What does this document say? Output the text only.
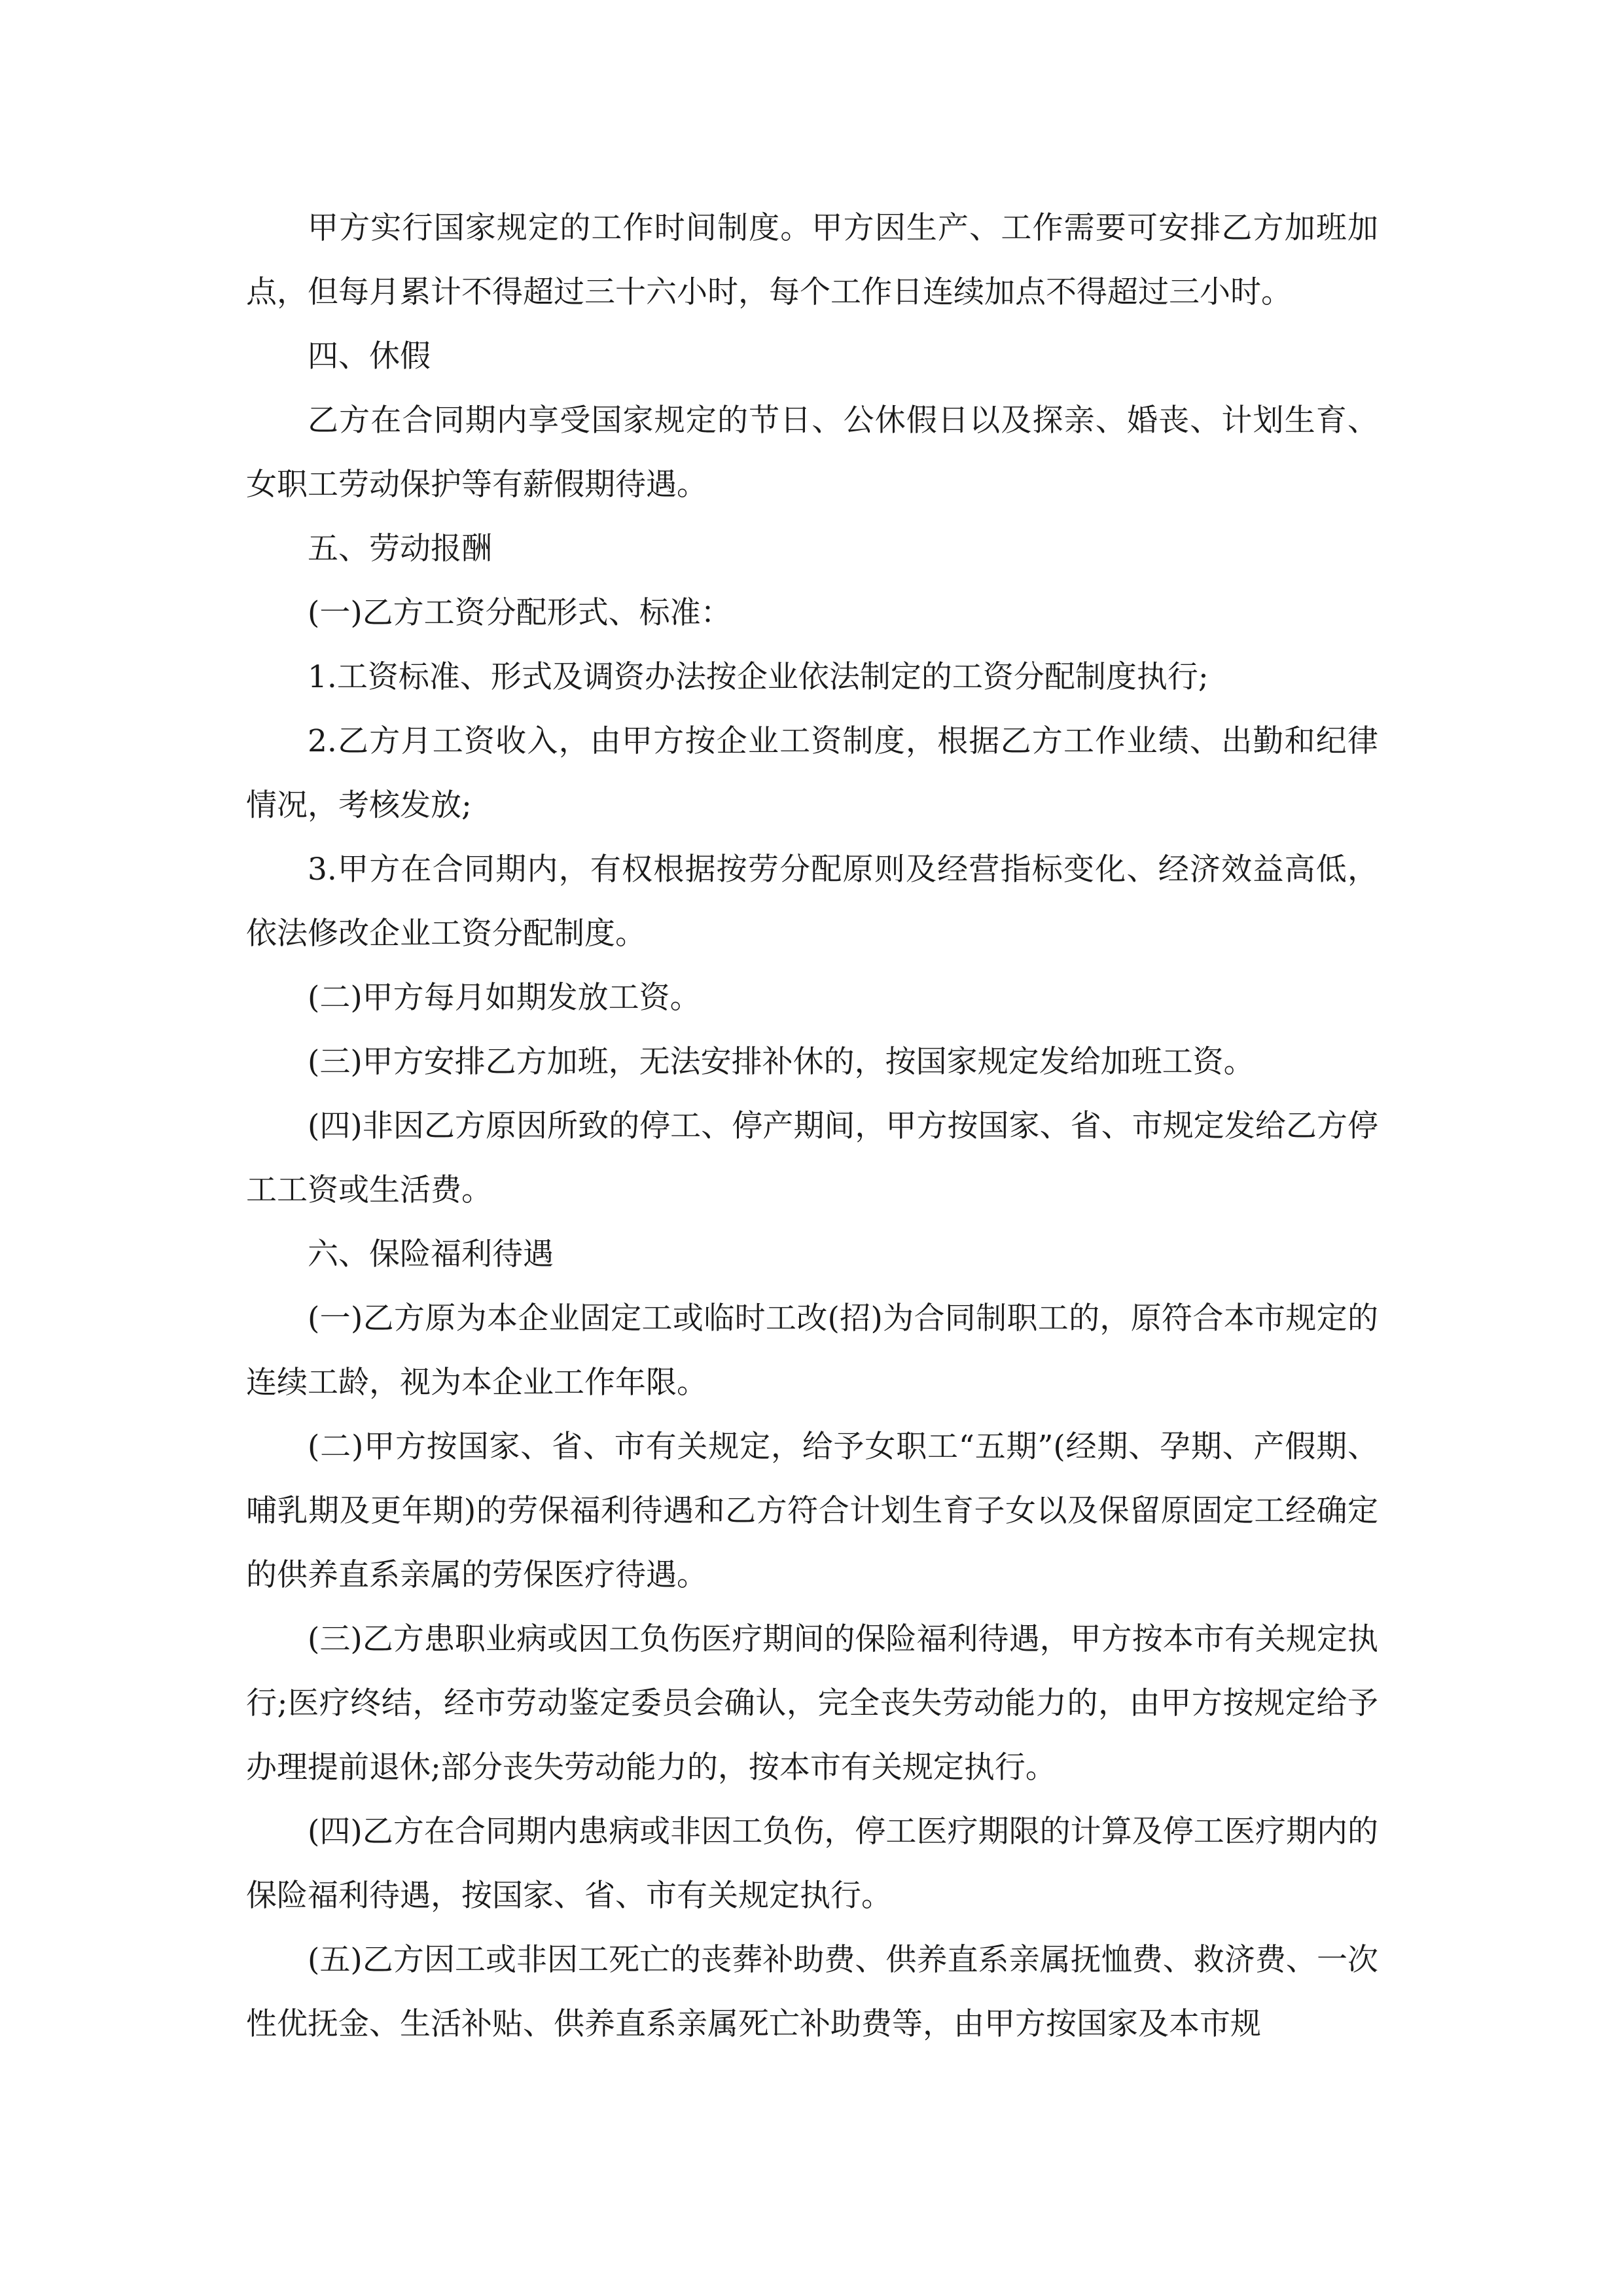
甲方实行国家规定的工作时间制度。甲方因生产、工作需要可安排乙方加班加点，但每月累计不得超过三十六小时，每个工作日连续加点不得超过三小时。

四、休假

乙方在合同期内享受国家规定的节日、公休假日以及探亲、婚丧、计划生育、女职工劳动保护等有薪假期待遇。

五、劳动报酬

(一)乙方工资分配形式、标准：

1.工资标准、形式及调资办法按企业依法制定的工资分配制度执行;

2.乙方月工资收入，由甲方按企业工资制度，根据乙方工作业绩、出勤和纪律情况，考核发放;

3.甲方在合同期内，有权根据按劳分配原则及经营指标变化、经济效益高低，依法修改企业工资分配制度。

(二)甲方每月如期发放工资。

(三)甲方安排乙方加班，无法安排补休的，按国家规定发给加班工资。

(四)非因乙方原因所致的停工、停产期间，甲方按国家、省、市规定发给乙方停工工资或生活费。

六、保险福利待遇

(一)乙方原为本企业固定工或临时工改(招)为合同制职工的，原符合本市规定的连续工龄，视为本企业工作年限。

(二)甲方按国家、省、市有关规定，给予女职工“五期”(经期、孕期、产假期、哺乳期及更年期)的劳保福利待遇和乙方符合计划生育子女以及保留原固定工经确定的供养直系亲属的劳保医疗待遇。

(三)乙方患职业病或因工负伤医疗期间的保险福利待遇，甲方按本市有关规定执行;医疗终结，经市劳动鉴定委员会确认，完全丧失劳动能力的，由甲方按规定给予办理提前退休;部分丧失劳动能力的，按本市有关规定执行。

(四)乙方在合同期内患病或非因工负伤，停工医疗期限的计算及停工医疗期内的保险福利待遇，按国家、省、市有关规定执行。

(五)乙方因工或非因工死亡的丧葬补助费、供养直系亲属抚恤费、救济费、一次性优抚金、生活补贴、供养直系亲属死亡补助费等，由甲方按国家及本市规
